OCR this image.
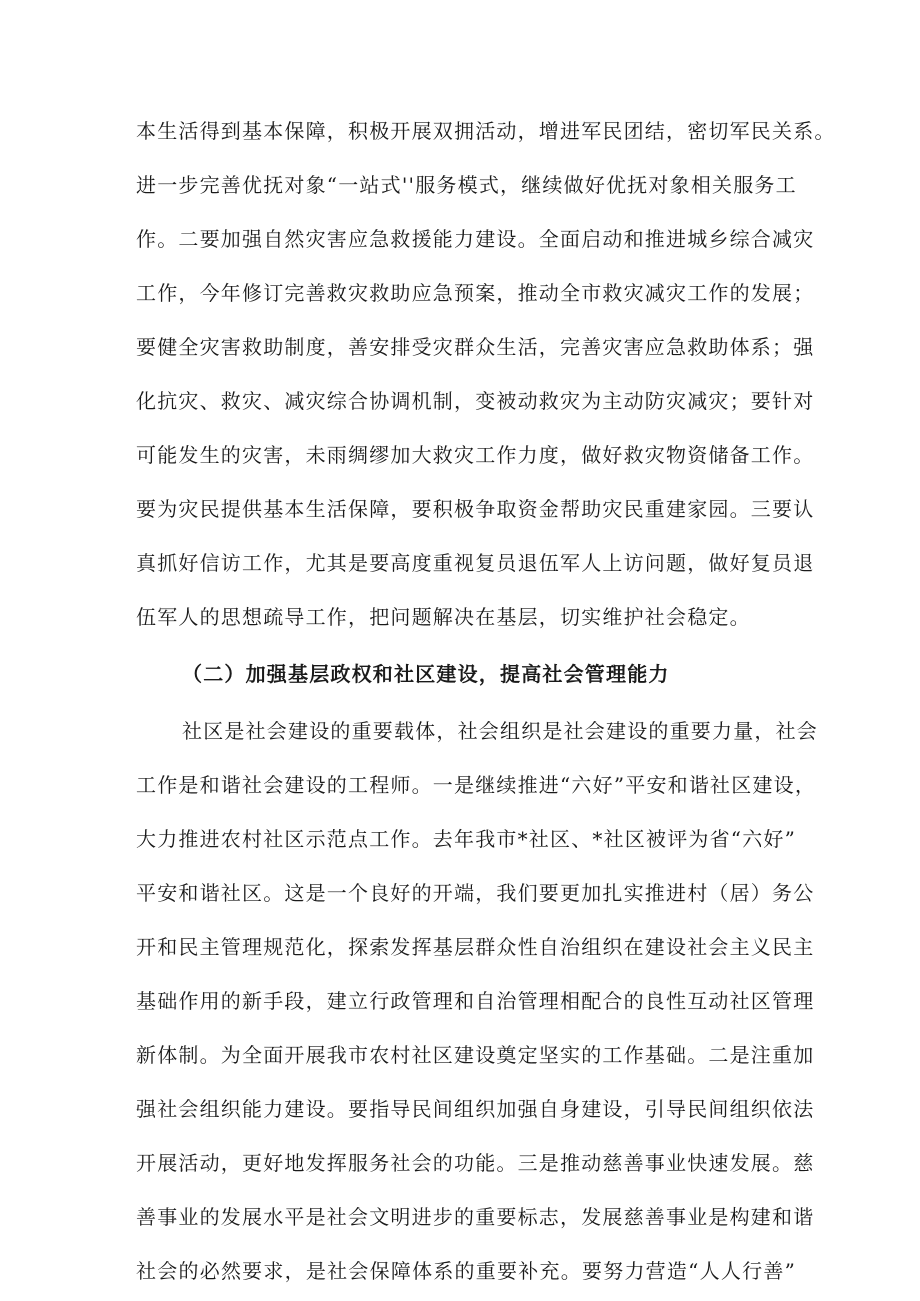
本生活得到基本保障，积极开展双拥活动，增进军民团结，密切军民关系。
进一步完善优抚对象“一站式''服务模式，继续做好优抚对象相关服务工
作。二要加强自然灾害应急救援能力建设。全面启动和推进城乡综合减灾
工作，今年修订完善救灾救助应急预案，推动全市救灾减灾工作的发展；
要健全灾害救助制度，善安排受灾群众生活，完善灾害应急救助体系；强
化抗灾、救灾、减灾综合协调机制，变被动救灾为主动防灾减灾；要针对
可能发生的灾害，未雨绸缪加大救灾工作力度，做好救灾物资储备工作。
要为灾民提供基本生活保障，要积极争取资金帮助灾民重建家园。三要认
真抓好信访工作，尤其是要高度重视复员退伍军人上访问题，做好复员退
伍军人的思想疏导工作，把问题解决在基层，切实维护社会稳定。
（二）加强基层政权和社区建设，提高社会管理能力
社区是社会建设的重要载体，社会组织是社会建设的重要力量，社会
工作是和谐社会建设的工程师。一是继续推进“六好”平安和谐社区建设，
大力推进农村社区示范点工作。去年我市*社区、*社区被评为省“六好”
平安和谐社区。这是一个良好的开端，我们要更加扎实推进村（居）务公
开和民主管理规范化，探索发挥基层群众性自治组织在建设社会主义民主
基础作用的新手段，建立行政管理和自治管理相配合的良性互动社区管理
新体制。为全面开展我市农村社区建设奠定坚实的工作基础。二是注重加
强社会组织能力建设。要指导民间组织加强自身建设，引导民间组织依法
开展活动，更好地发挥服务社会的功能。三是推动慈善事业快速发展。慈
善事业的发展水平是社会文明进步的重要标志，发展慈善事业是构建和谐
社会的必然要求，是社会保障体系的重要补充。要努力营造“人人行善”
